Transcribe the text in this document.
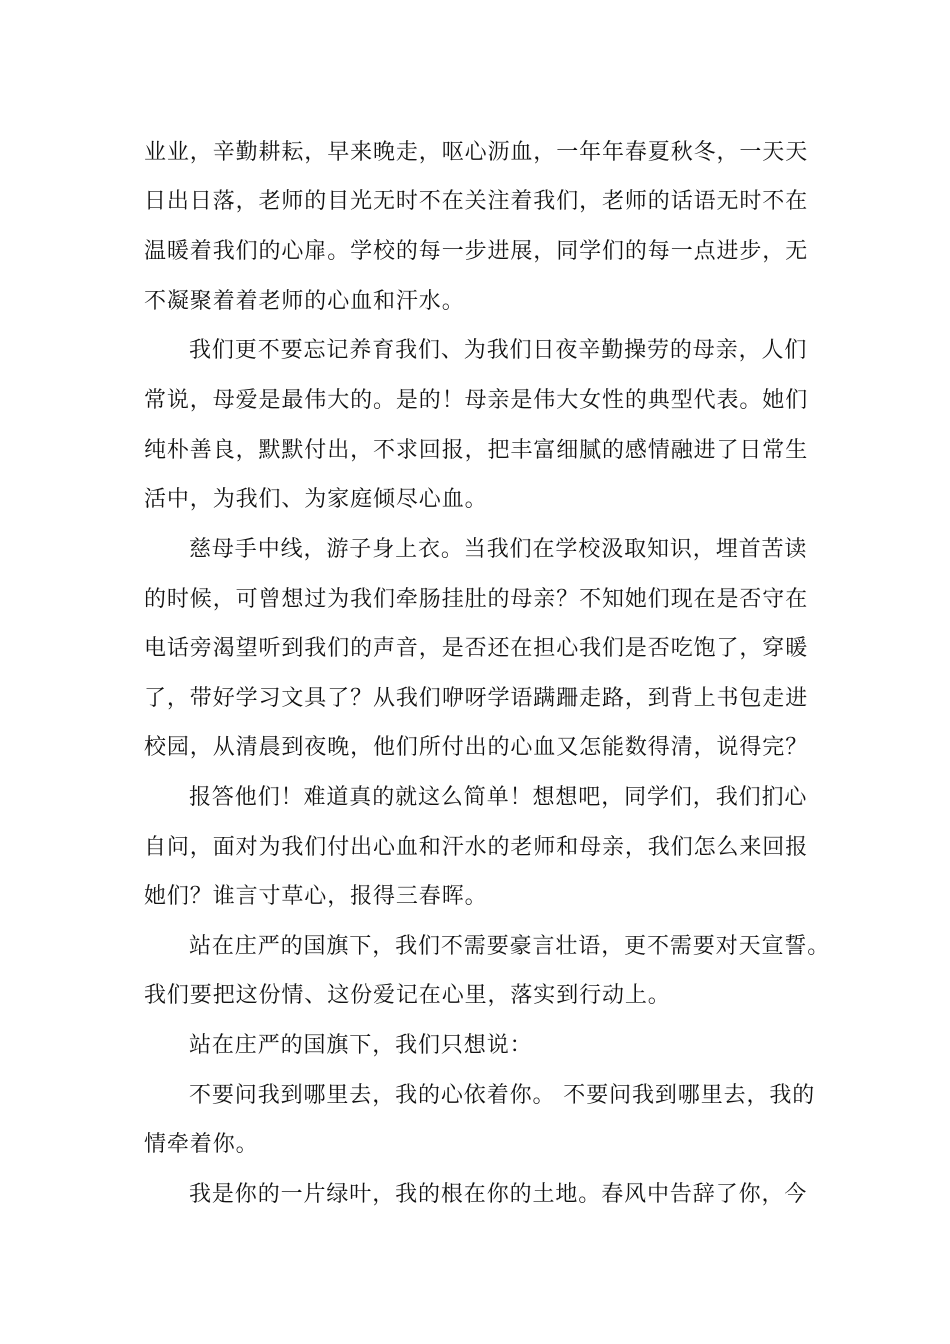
业业，辛勤耕耘，早来晚走，呕心沥血，一年年春夏秋冬，一天天
日出日落，老师的目光无时不在关注着我们，老师的话语无时不在
温暖着我们的心扉。学校的每一步进展，同学们的每一点进步，无
不凝聚着着老师的心血和汗水。
我们更不要忘记养育我们、为我们日夜辛勤操劳的母亲，人们
常说，母爱是最伟大的。是的！母亲是伟大女性的典型代表。她们
纯朴善良，默默付出，不求回报，把丰富细腻的感情融进了日常生
活中，为我们、为家庭倾尽心血。
慈母手中线，游子身上衣。当我们在学校汲取知识，埋首苦读
的时候，可曾想过为我们牵肠挂肚的母亲？不知她们现在是否守在
电话旁渴望听到我们的声音，是否还在担心我们是否吃饱了，穿暖
了，带好学习文具了？从我们咿呀学语蹒跚走路，到背上书包走进
校园，从清晨到夜晚，他们所付出的心血又怎能数得清，说得完？
报答他们！难道真的就这么简单！想想吧，同学们，我们扪心
自问，面对为我们付出心血和汗水的老师和母亲，我们怎么来回报
她们？谁言寸草心，报得三春晖。
站在庄严的国旗下，我们不需要豪言壮语，更不需要对天宣誓。
我们要把这份情、这份爱记在心里，落实到行动上。
站在庄严的国旗下，我们只想说：
不要问我到哪里去，我的心依着你。 不要问我到哪里去，我的
情牵着你。
我是你的一片绿叶，我的根在你的土地。春风中告辞了你，今
